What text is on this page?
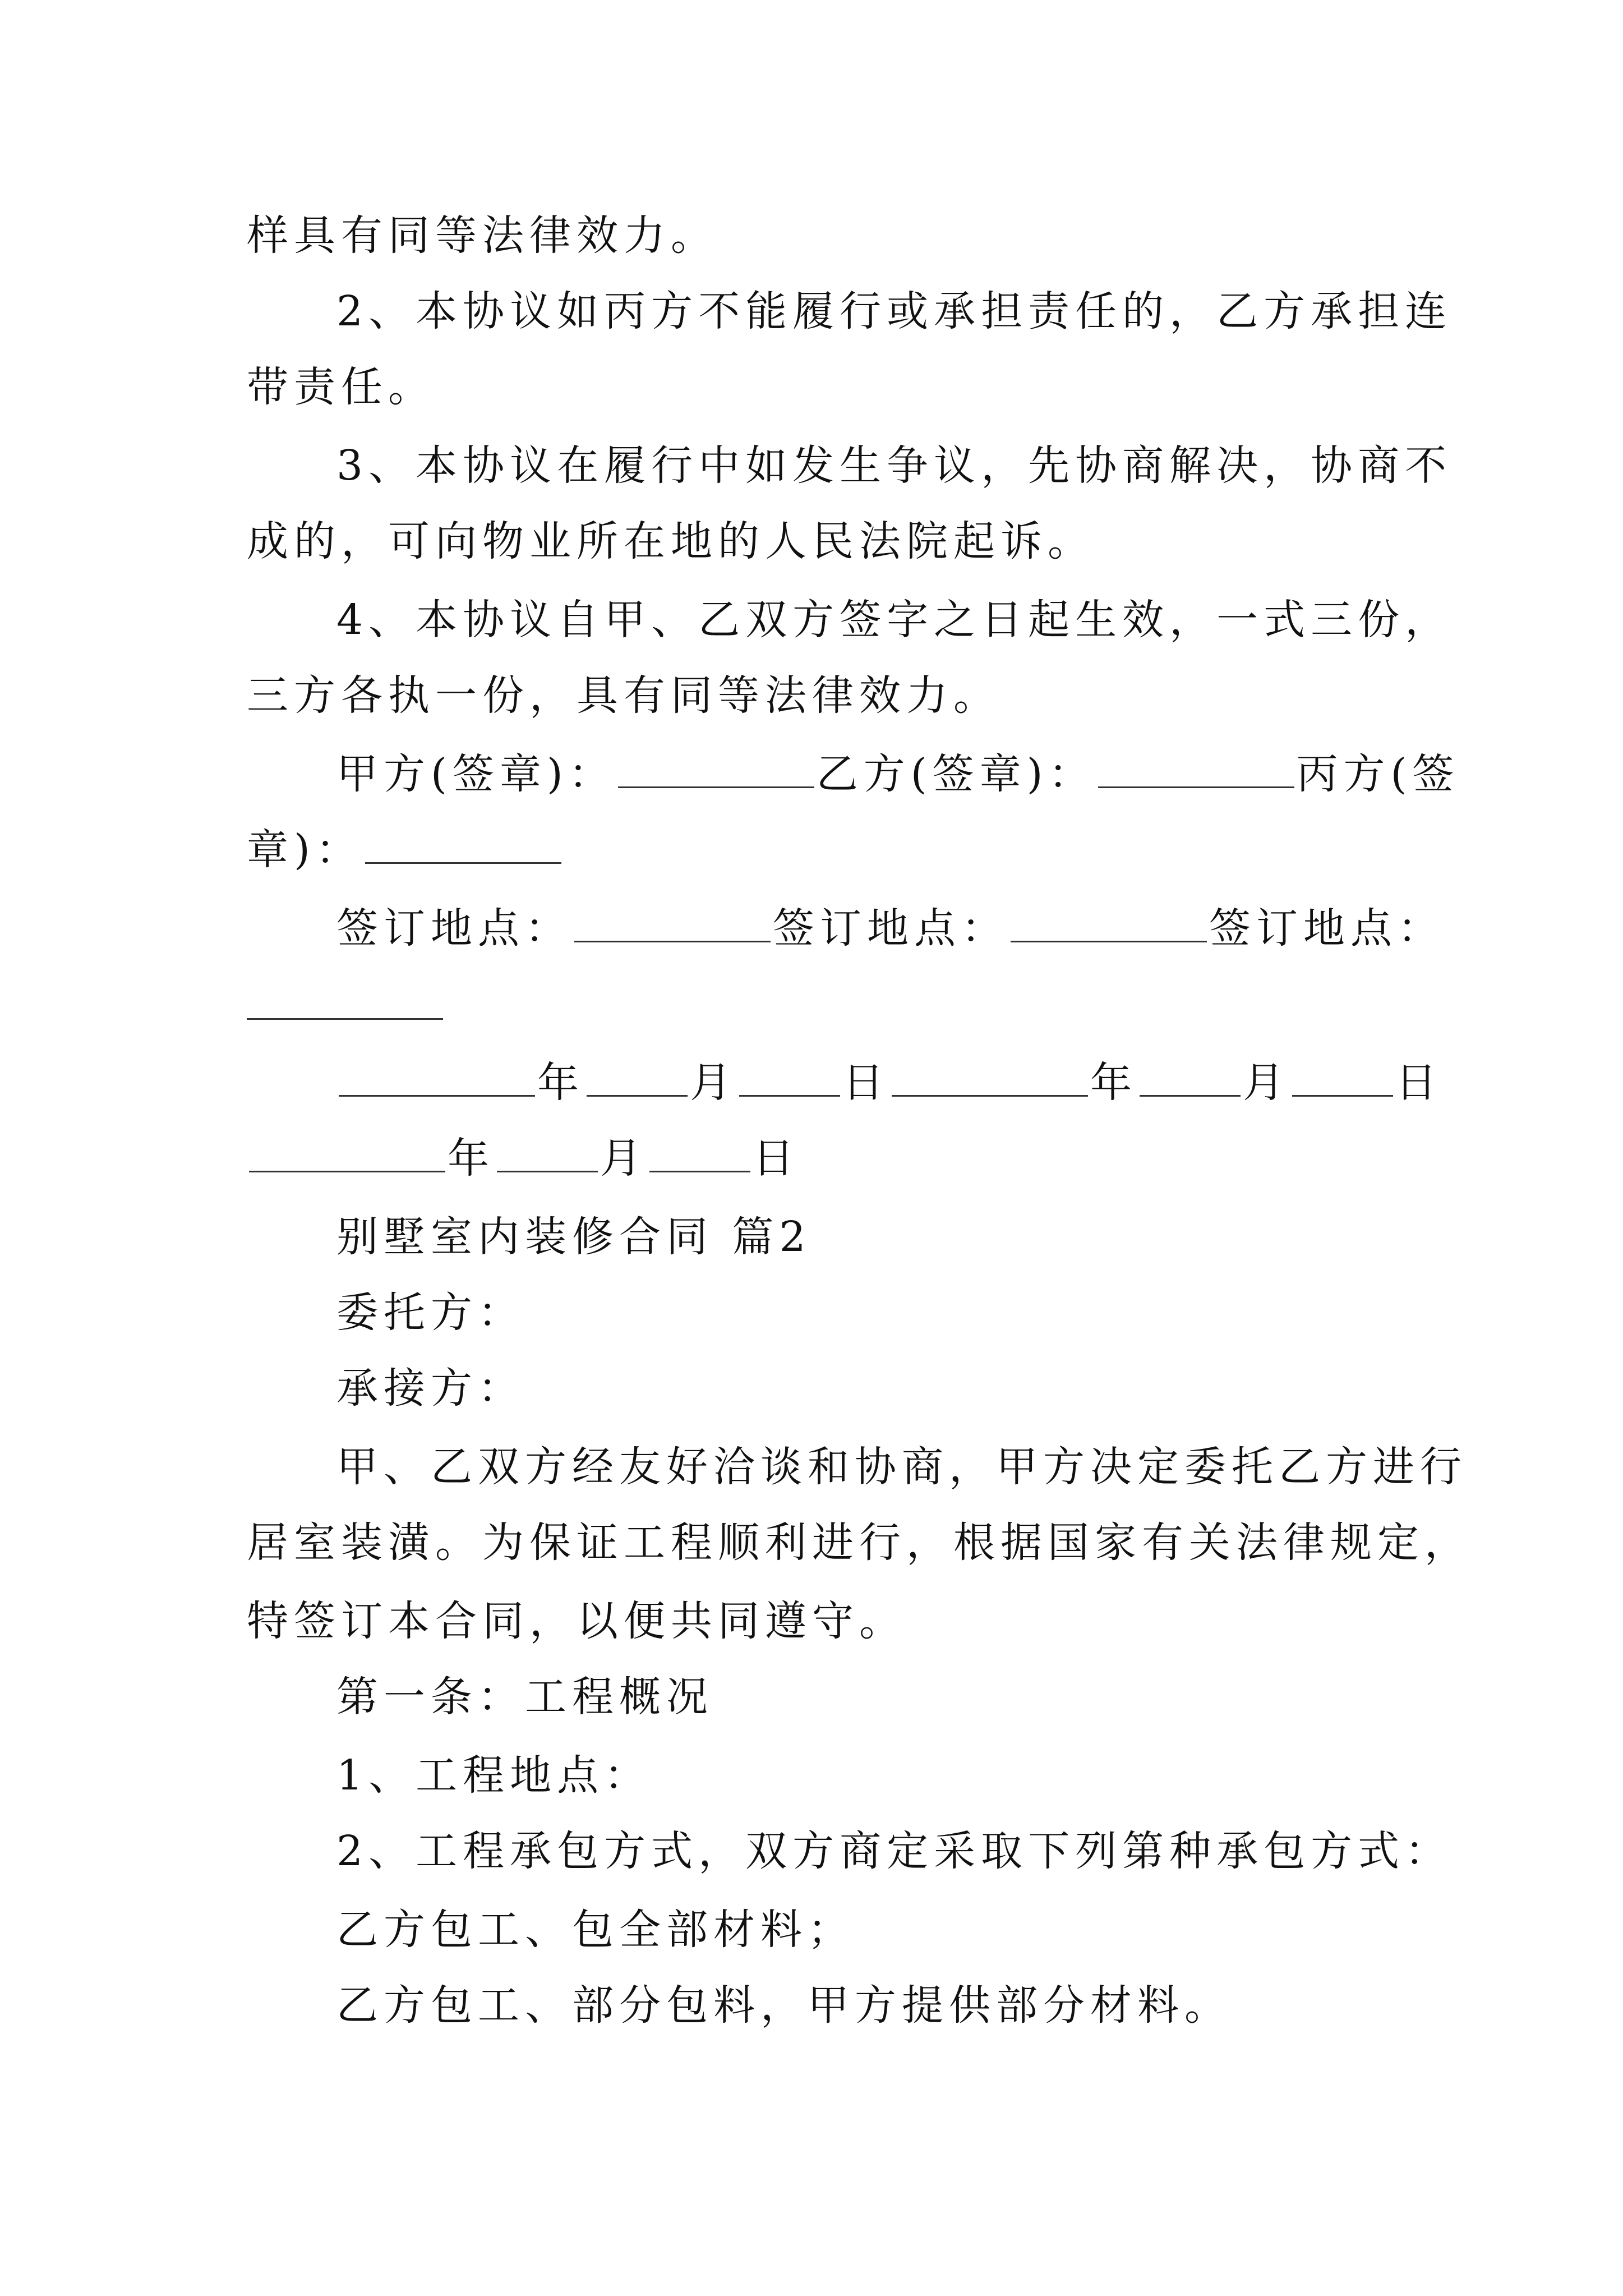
样具有同等法律效力。
2、本协议如丙方不能履行或承担责任的，乙方承担连
带责任。
3、本协议在履行中如发生争议，先协商解决，协商不
成的，可向物业所在地的人民法院起诉。
4、本协议自甲、乙双方签字之日起生效，一式三份，
三方各执一份，具有同等法律效力。
甲方(签章)：	乙方(签章)：	丙方(签
章)：
签订地点：	签订地点：	签订地点：
年	月	日	年	月	日
年	月	日
别墅室内装修合同 篇2
委托方：
承接方：
甲、乙双方经友好洽谈和协商，甲方决定委托乙方进行
居室装潢。为保证工程顺利进行，根据国家有关法律规定，
特签订本合同，以便共同遵守。
第一条：工程概况
1、工程地点：
2、工程承包方式，双方商定采取下列第种承包方式：
乙方包工、包全部材料；
乙方包工、部分包料，甲方提供部分材料。
